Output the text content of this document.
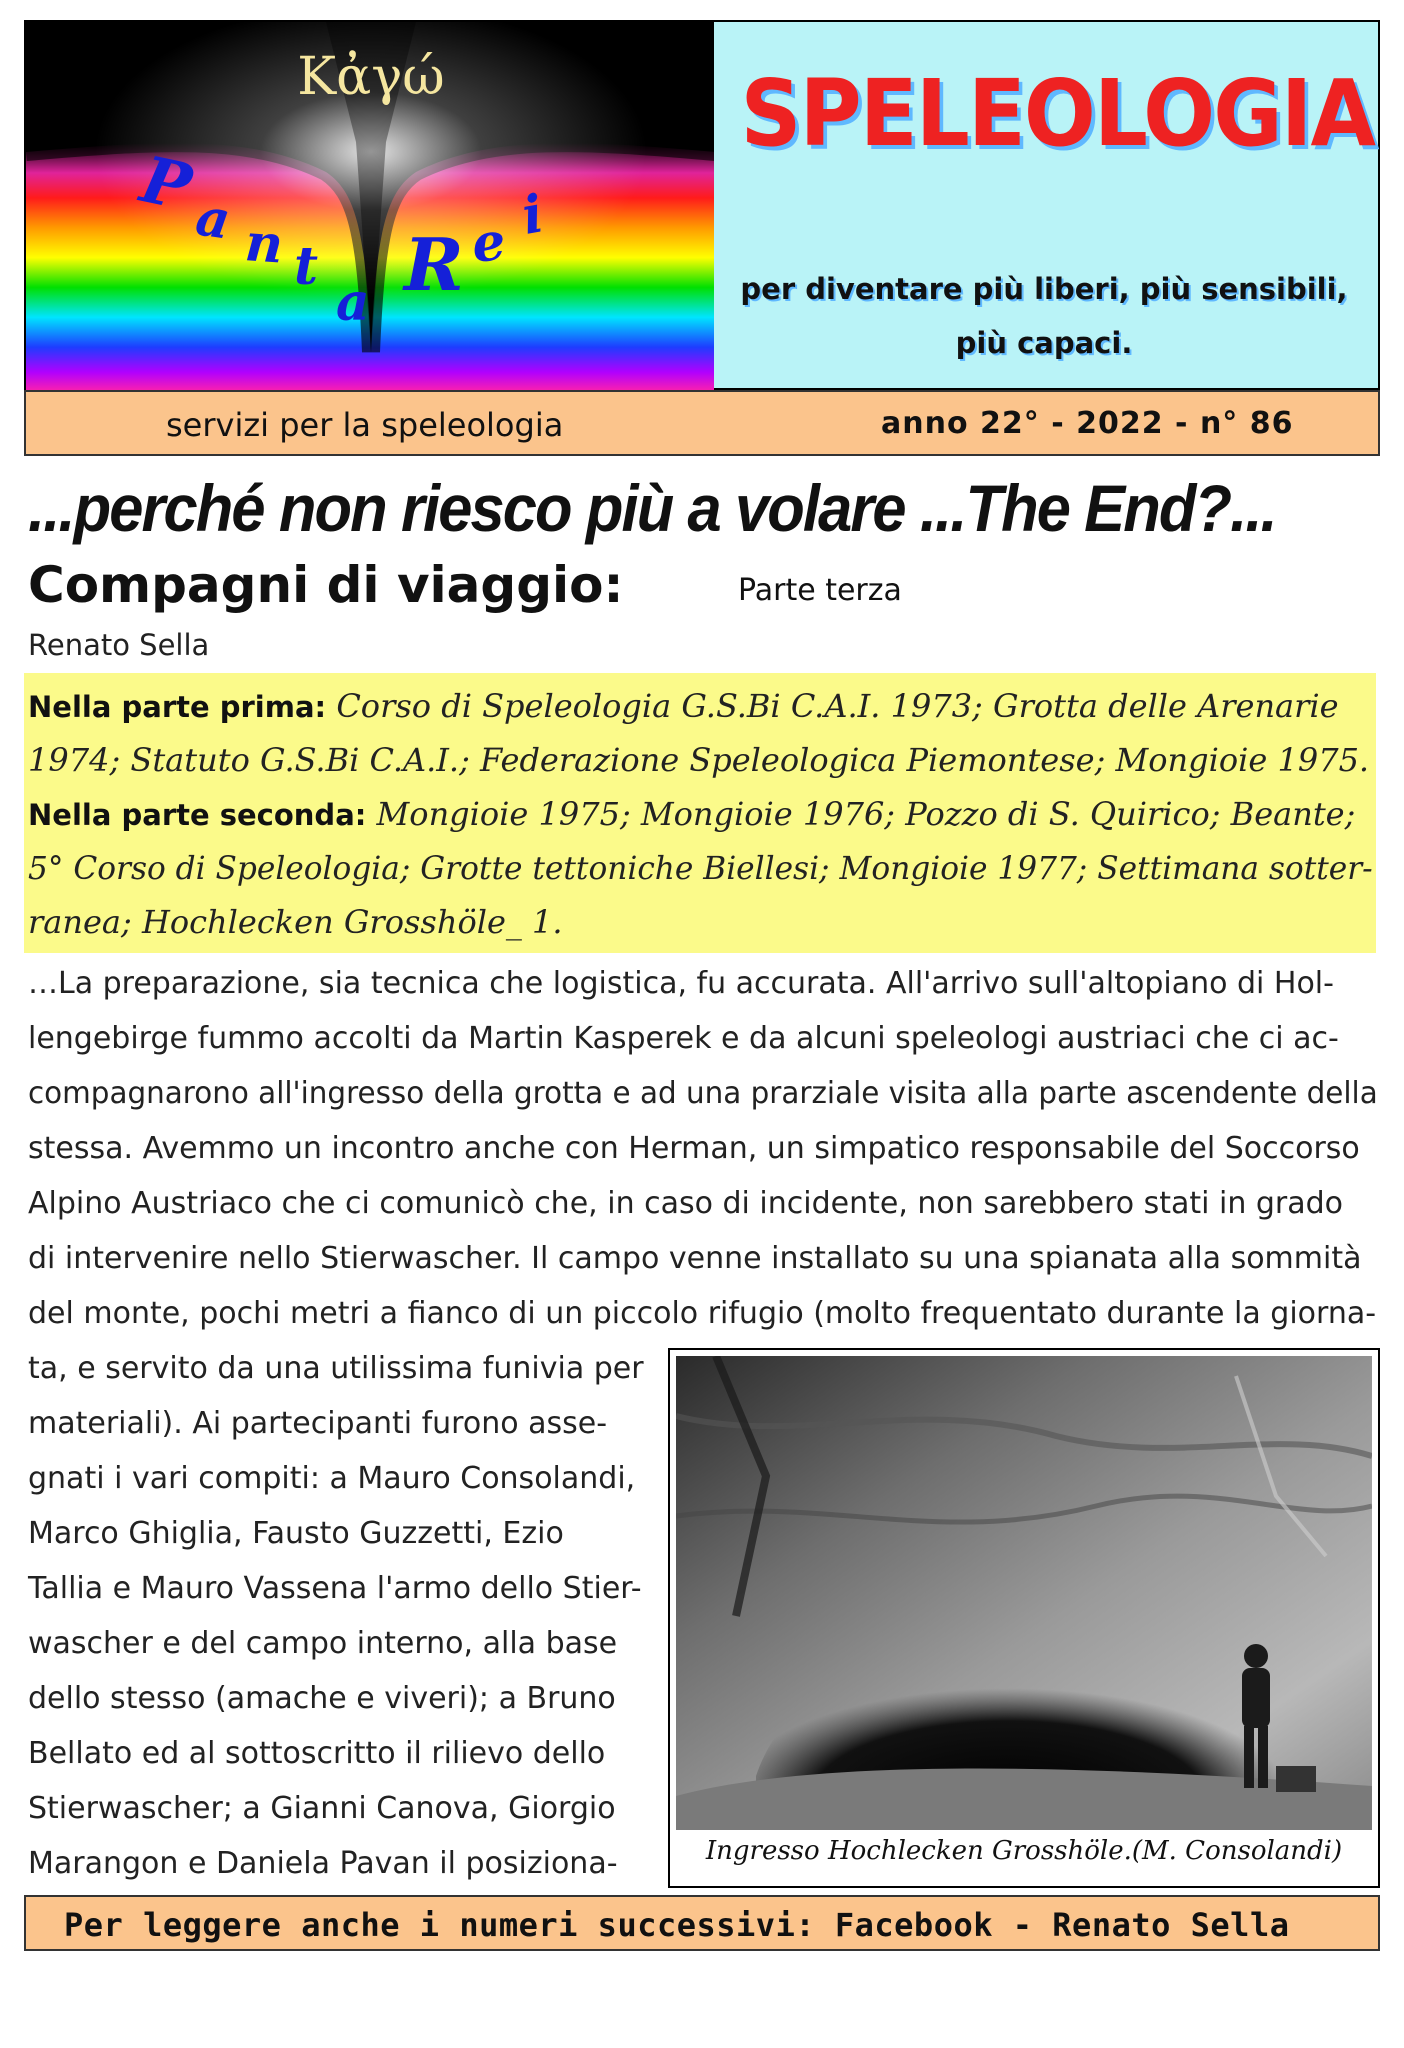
Κἀγώ
P
a n t
a R e i
SPELEOLOGIA
per diventare più liberi, più sensibili,
più capaci.
servizi per la speleologia	anno 22° - 2022 - n° 86
...perché non riesco più a volare ...The End?...
Compagni di viaggio:	Parte terza
Renato Sella
Nella parte prima: Corso di Speleologia G.S.Bi C.A.I. 1973; Grotta delle Arenarie
1974; Statuto G.S.Bi C.A.I.; Federazione Speleologica Piemontese; Mongioie 1975.
Nella parte seconda: Mongioie 1975; Mongioie 1976; Pozzo di S. Quirico; Beante;
5° Corso di Speleologia; Grotte tettoniche Biellesi; Mongioie 1977; Settimana sotter-
ranea; Hochlecken Grosshöle_ 1.
…La preparazione, sia tecnica che logistica, fu accurata. All'arrivo sull'altopiano di Hol-
lengebirge fummo accolti da Martin Kasperek e da alcuni speleologi austriaci che ci ac-
compagnarono all'ingresso della grotta e ad una prarziale visita alla parte ascendente della
stessa. Avemmo un incontro anche con Herman, un simpatico responsabile del Soccorso
Alpino Austriaco che ci comunicò che, in caso di incidente, non sarebbero stati in grado
di intervenire nello Stierwascher. Il campo venne installato su una spianata alla sommità
del monte, pochi metri a fianco di un piccolo rifugio (molto frequentato durante la giorna-
ta, e servito da una utilissima funivia per
materiali). Ai partecipanti furono asse-
gnati i vari compiti: a Mauro Consolandi,
Marco Ghiglia, Fausto Guzzetti, Ezio
Tallia e Mauro Vassena l'armo dello Stier-
wascher e del campo interno, alla base
dello stesso (amache e viveri); a Bruno
Bellato ed al sottoscritto il rilievo dello
Stierwascher; a Gianni Canova, Giorgio
Marangon e Daniela Pavan il posiziona-	Ingresso Hochlecken Grosshöle.(M. Consolandi)
Per leggere anche i numeri successivi: Facebook - Renato Sella
